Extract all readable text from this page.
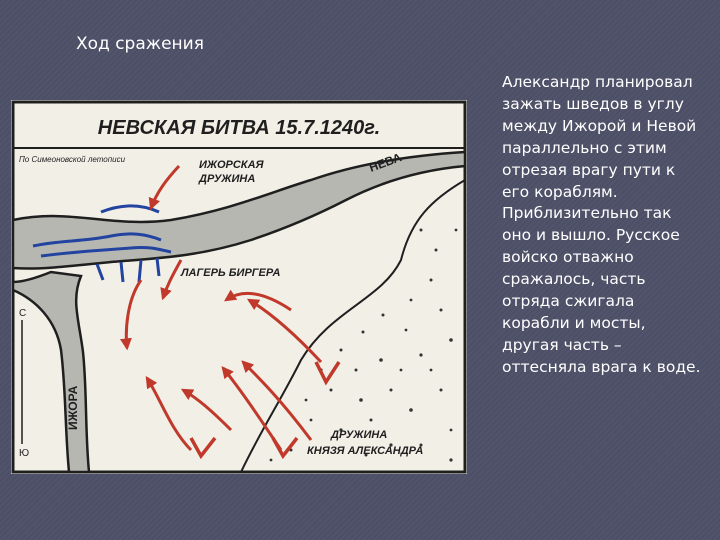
Ход сражения

Александр планировал зажать шведов в углу между Ижорой и Невой параллельно с этим отрезая врагу пути к его кораблям. Приблизительно так оно и вышло. Русское войско отважно сражалось, часть отряда сжигала корабли и мосты, другая часть – оттесняла врага к воде.

НЕВСКАЯ БИТВА 15.7.1240г.
По Симеоновской летописи	НЕВА
ИЖОРА
ИЖОРСКАЯ
ДРУЖИНА
ЛАГЕРЬ БИРГЕРА
ДРУЖИНА
КНЯЗЯ АЛЕКСАНДРА
С
Ю
